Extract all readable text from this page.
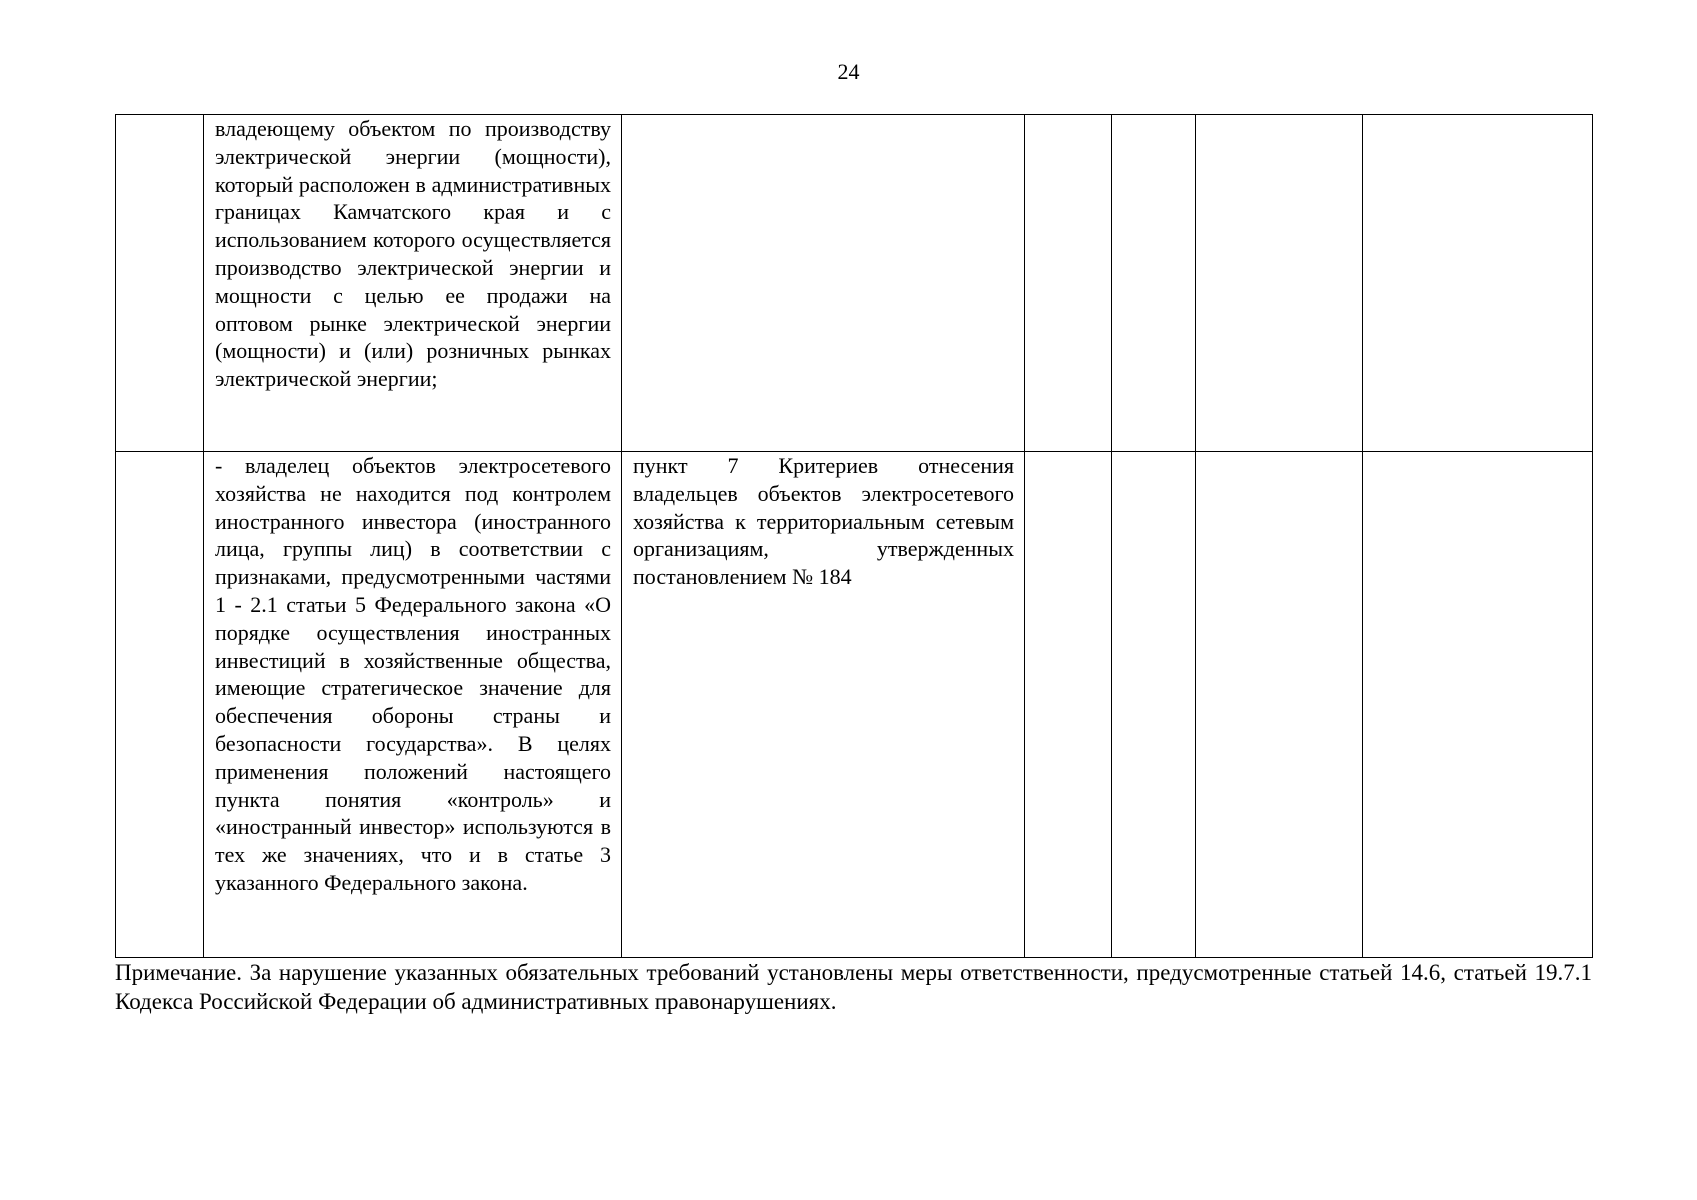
24

	владеющему объектом по производству электрической энергии (мощности), который расположен в административных границах Камчатского края и с использованием которого осуществляется производство электрической энергии и мощности с целью ее продажи на оптовом рынке электрической энергии (мощности) и (или) розничных рынках электрической энергии;					

	- владелец объектов электросетевого хозяйства не находится под контролем иностранного инвестора (иностранного лица, группы лиц) в соответствии с признаками, предусмотренными частями 1 - 2.1 статьи 5 Федерального закона «О порядке осуществления иностранных инвестиций в хозяйственные общества, имеющие стратегическое значение для обеспечения обороны страны и безопасности государства». В целях применения положений настоящего пункта понятия «контроль» и «иностранный инвестор» используются в тех же значениях, что и в статье 3 указанного Федерального закона.	пункт 7 Критериев отнесения владельцев объектов электросетевого хозяйства к территориальным сетевым организациям, утвержденных постановлением № 184				

Примечание. За нарушение указанных обязательных требований установлены меры ответственности, предусмотренные статьей 14.6, статьей 19.7.1 Кодекса Российской Федерации об административных правонарушениях.
